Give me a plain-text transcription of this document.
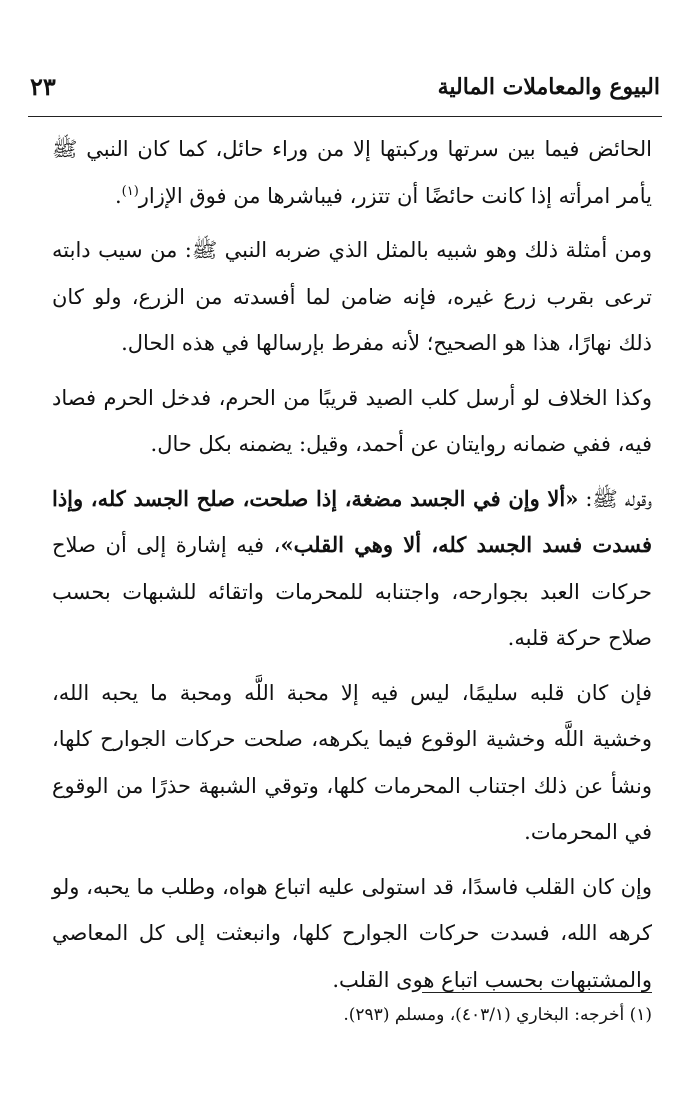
البيوع والمعاملات المالية
٢٣

الحائض فيما بين سرتها وركبتها إلا من وراء حائل، كما كان النبي ﷺ يأمر امرأته إذا كانت حائضًا أن تتزر، فيباشرها من فوق الإزار$^{(١)}$.

ومن أمثلة ذلك وهو شبيه بالمثل الذي ضربه النبي ﷺ: من سيب دابته ترعى بقرب زرع غيره، فإنه ضامن لما أفسدته من الزرع، ولو كان ذلك نهارًا، هذا هو الصحيح؛ لأنه مفرط بإرسالها في هذه الحال.

وكذا الخلاف لو أرسل كلب الصيد قريبًا من الحرم، فدخل الحرم فصاد فيه، ففي ضمانه روايتان عن أحمد، وقيل: يضمنه بكل حال.

وقوله ﷺ: «ألا وإن في الجسد مضغة، إذا صلحت، صلح الجسد كله، وإذا فسدت فسد الجسد كله، ألا وهي القلب»، فيه إشارة إلى أن صلاح حركات العبد بجوارحه، واجتنابه للمحرمات واتقائه للشبهات بحسب صلاح حركة قلبه.

فإن كان قلبه سليمًا، ليس فيه إلا محبة اللَّه ومحبة ما يحبه الله، وخشية اللَّه وخشية الوقوع فيما يكرهه، صلحت حركات الجوارح كلها، ونشأ عن ذلك اجتناب المحرمات كلها، وتوقي الشبهة حذرًا من الوقوع في المحرمات.

وإن كان القلب فاسدًا، قد استولى عليه اتباع هواه، وطلب ما يحبه، ولو كرهه الله، فسدت حركات الجوارح كلها، وانبعثت إلى كل المعاصي والمشتبهات بحسب اتباع هوى القلب.

(١) أخرجه: البخاري (٤٠٣/١)، ومسلم (٢٩٣).
